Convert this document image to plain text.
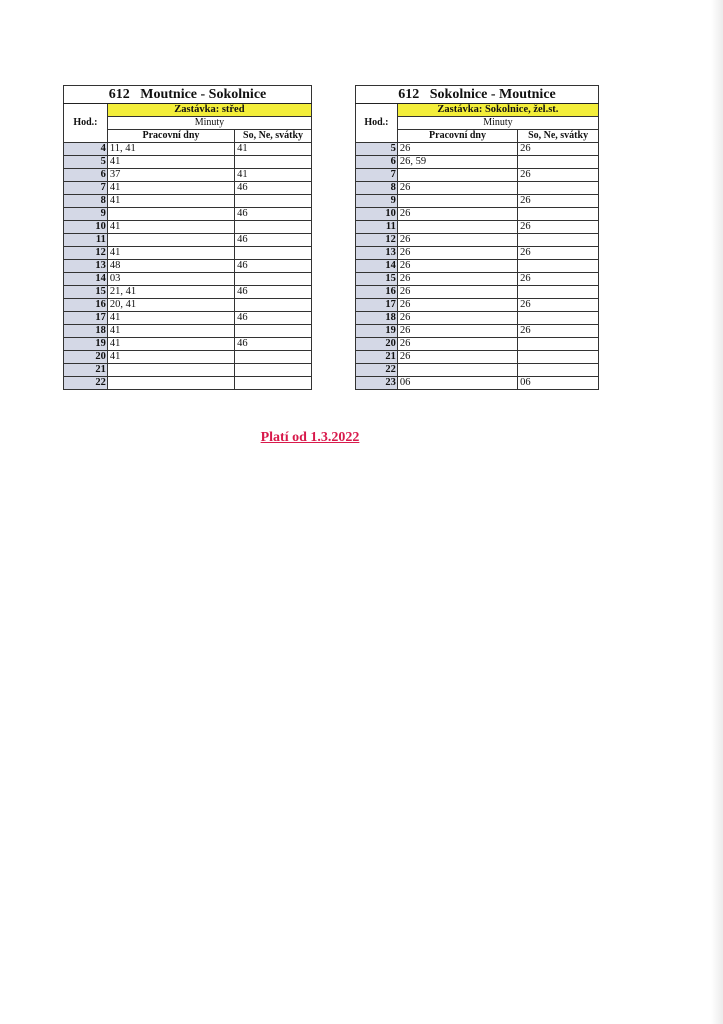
612 Moutnice - Sokolnice		
Hod.:	Zastávka: střed	
	Minuty	
	Pracovní dny	So, Ne, svátky
4	11, 41	41
5	41	
6	37	41
7	41	46
8	41	
9		46
10	41	
11		46
12	41	
13	48	46
14	03	
15	21, 41	46
16	20, 41	
17	41	46
18	41	
19	41	46
20	41	
21		
22		
612 Sokolnice - Moutnice		
Hod.:	Zastávka: Sokolnice, žel.st.	
	Minuty	
	Pracovní dny	So, Ne, svátky
5	26	26
6	26, 59	
7		26
8	26	
9		26
10	26	
11		26
12	26	
13	26	26
14	26	
15	26	26
16	26	
17	26	26
18	26	
19	26	26
20	26	
21	26	
22		
23	06	06
Platí od 1.3.2022
